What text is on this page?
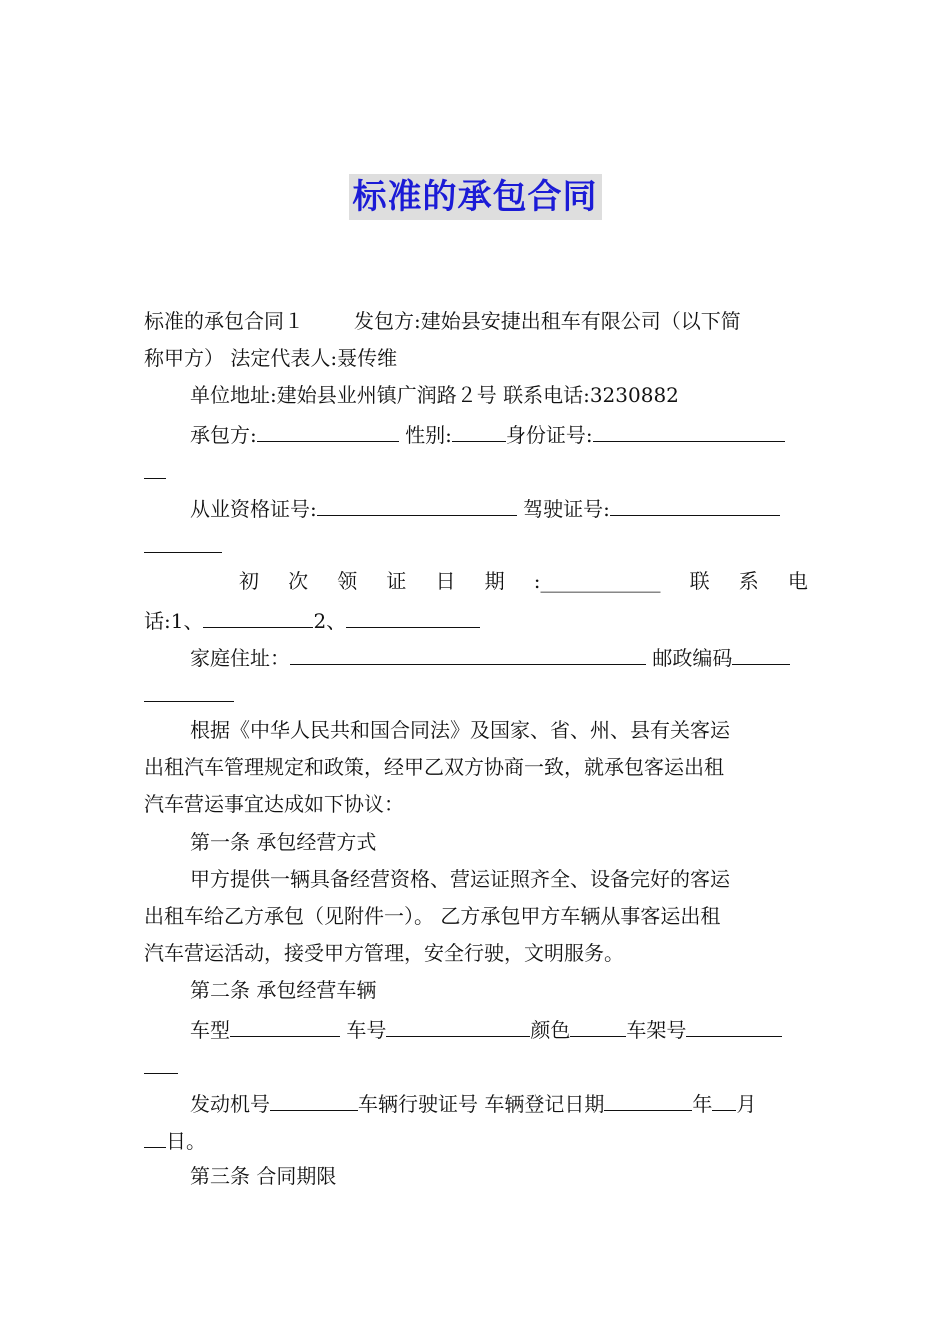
标准的承包合同
标准的承包合同１	发包方:建始县安捷出租车有限公司（以下简
称甲方） 法定代表人:聂传维
单位地址:建始县业州镇广润路２号 联系电话:3230882
承包方:	性别:	身份证号:
从业资格证号:	驾驶证号:
初 次 领 证 日 期 :____________ 联 系 电
话:1、	2、
家庭住址：	邮政编码
根据《中华人民共和国合同法》及国家、省、州、县有关客运
出租汽车管理规定和政策，经甲乙双方协商一致，就承包客运出租
汽车营运事宜达成如下协议：
第一条 承包经营方式
甲方提供一辆具备经营资格、营运证照齐全、设备完好的客运
出租车给乙方承包（见附件一）。 乙方承包甲方车辆从事客运出租
汽车营运活动，接受甲方管理，安全行驶，文明服务。
第二条 承包经营车辆
车型	车号	颜色	车架号
发动机号	车辆行驶证号 车辆登记日期	年 月
日。
第三条 合同期限
